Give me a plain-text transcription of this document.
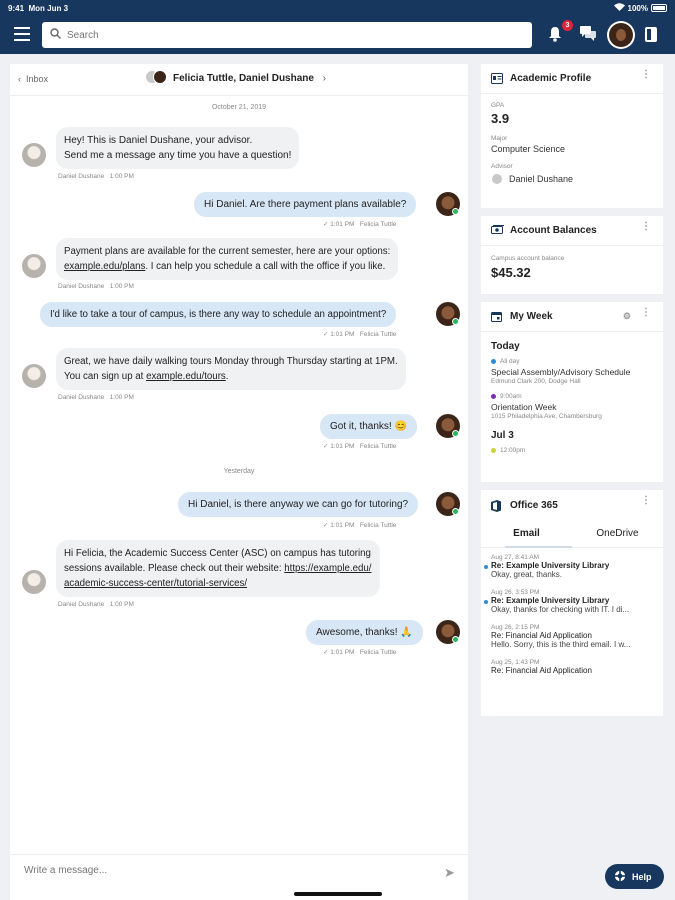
9:41 Mon Jun 3	100%
Search
3
‹  Inbox	Felicia Tuttle, Daniel Dushane ›
October 21, 2019
Hey! This is Daniel Dushane, your advisor.
Send me a message any time you have a question!
Daniel Dushane 1:00 PM
Hi Daniel. Are there payment plans available?
✓ 1:01 PM Felicia Tuttle
Payment plans are available for the current semester, here are your options:
example.edu/plans. I can help you schedule a call with the office if you like.
Daniel Dushane 1:00 PM
I'd like to take a tour of campus, is there any way to schedule an appointment?
✓ 1:01 PM Felicia Tuttle
Great, we have daily walking tours Monday through Thursday starting at 1PM.
You can sign up at example.edu/tours.
Daniel Dushane 1:00 PM
Got it, thanks! 😊
✓ 1:01 PM Felicia Tuttle
Yesterday
Hi Daniel, is there anyway we can go for tutoring?
✓ 1:01 PM Felicia Tuttle
Hi Felicia, the Academic Success Center (ASC) on campus has tutoring
sessions available. Please check out their website: https://example.edu/
academic-success-center/tutorial-services/
Daniel Dushane 1:00 PM
Awesome, thanks! 🙏
✓ 1:01 PM Felicia Tuttle
Write a message...
➤
Academic Profile	⋮
GPA
3.9
Major
Computer Science
Advisor
Daniel Dushane
Account Balances	⋮
Campus account balance
$45.32
My Week	⚙ ⋮
Today
All day
Special Assembly/Advisory Schedule
Edmund Clark 200, Dodge Hall
9:00am
Orientation Week
1015 Philadelphia Ave, Chambersburg
Jul 3
12:00pm
Office 365	⋮
Email	OneDrive
Aug 27, 8:41 AM
Re: Example University Library
Okay, great, thanks.
Aug 26, 3:53 PM
Re: Example University Library
Okay, thanks for checking with IT. I di...
Aug 26, 2:15 PM
Re: Financial Aid Application
Hello. Sorry, this is the third email. I w...
Aug 25, 1:43 PM
Re: Financial Aid Application
Help
